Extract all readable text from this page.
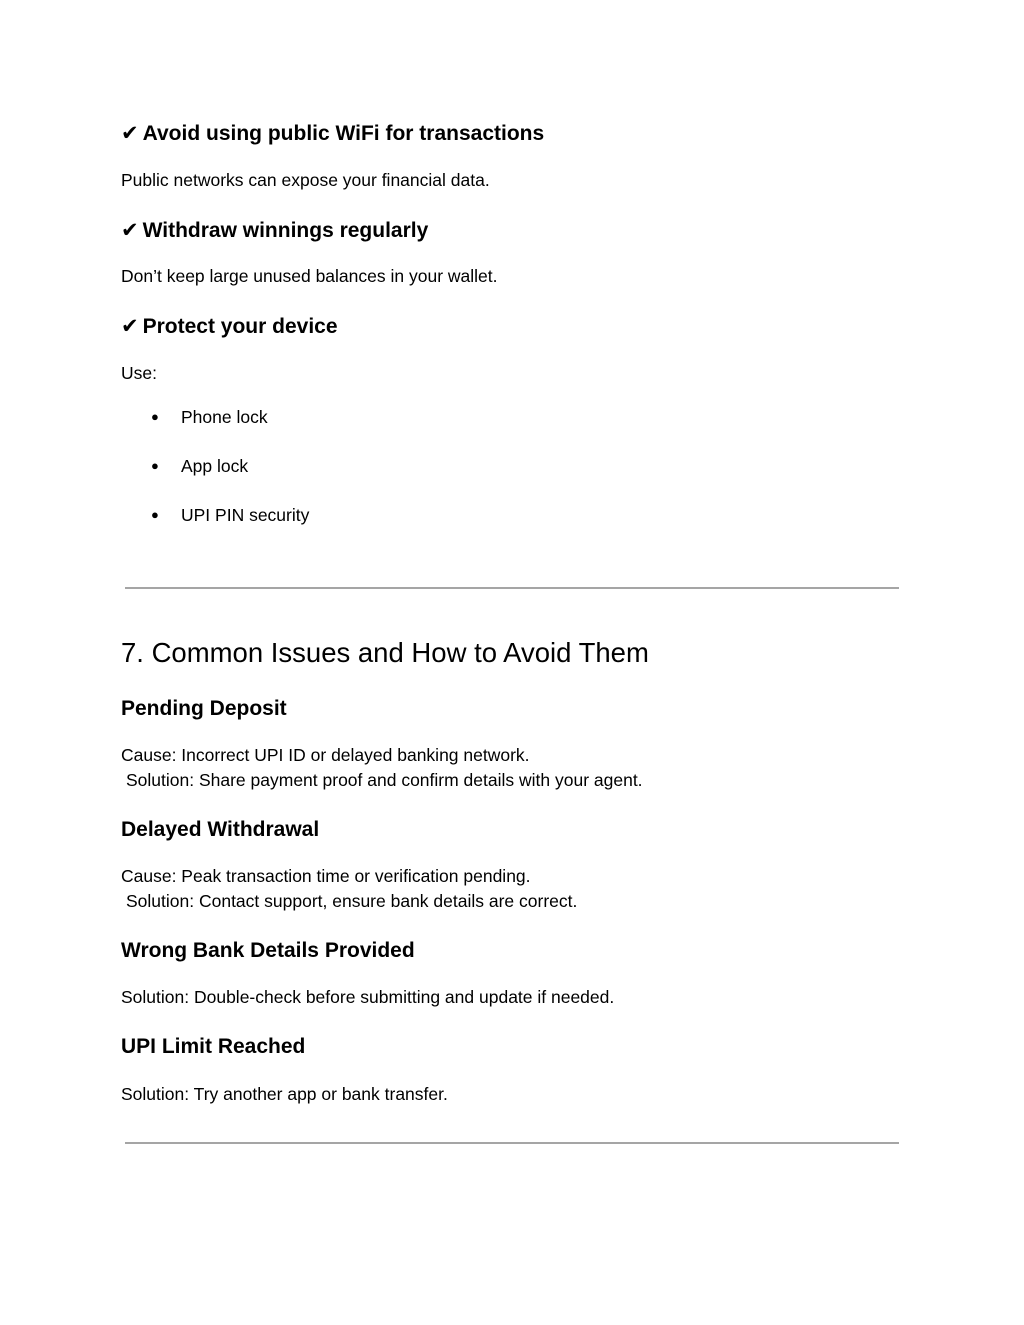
✔ Avoid using public WiFi for transactions
Public networks can expose your financial data.
✔ Withdraw winnings regularly
Don’t keep large unused balances in your wallet.
✔ Protect your device
Use:
● Phone lock
● App lock
● UPI PIN security
7. Common Issues and How to Avoid Them
Pending Deposit
Cause: Incorrect UPI ID or delayed banking network.
Solution: Share payment proof and confirm details with your agent.
Delayed Withdrawal
Cause: Peak transaction time or verification pending.
Solution: Contact support, ensure bank details are correct.
Wrong Bank Details Provided
Solution: Double-check before submitting and update if needed.
UPI Limit Reached
Solution: Try another app or bank transfer.
